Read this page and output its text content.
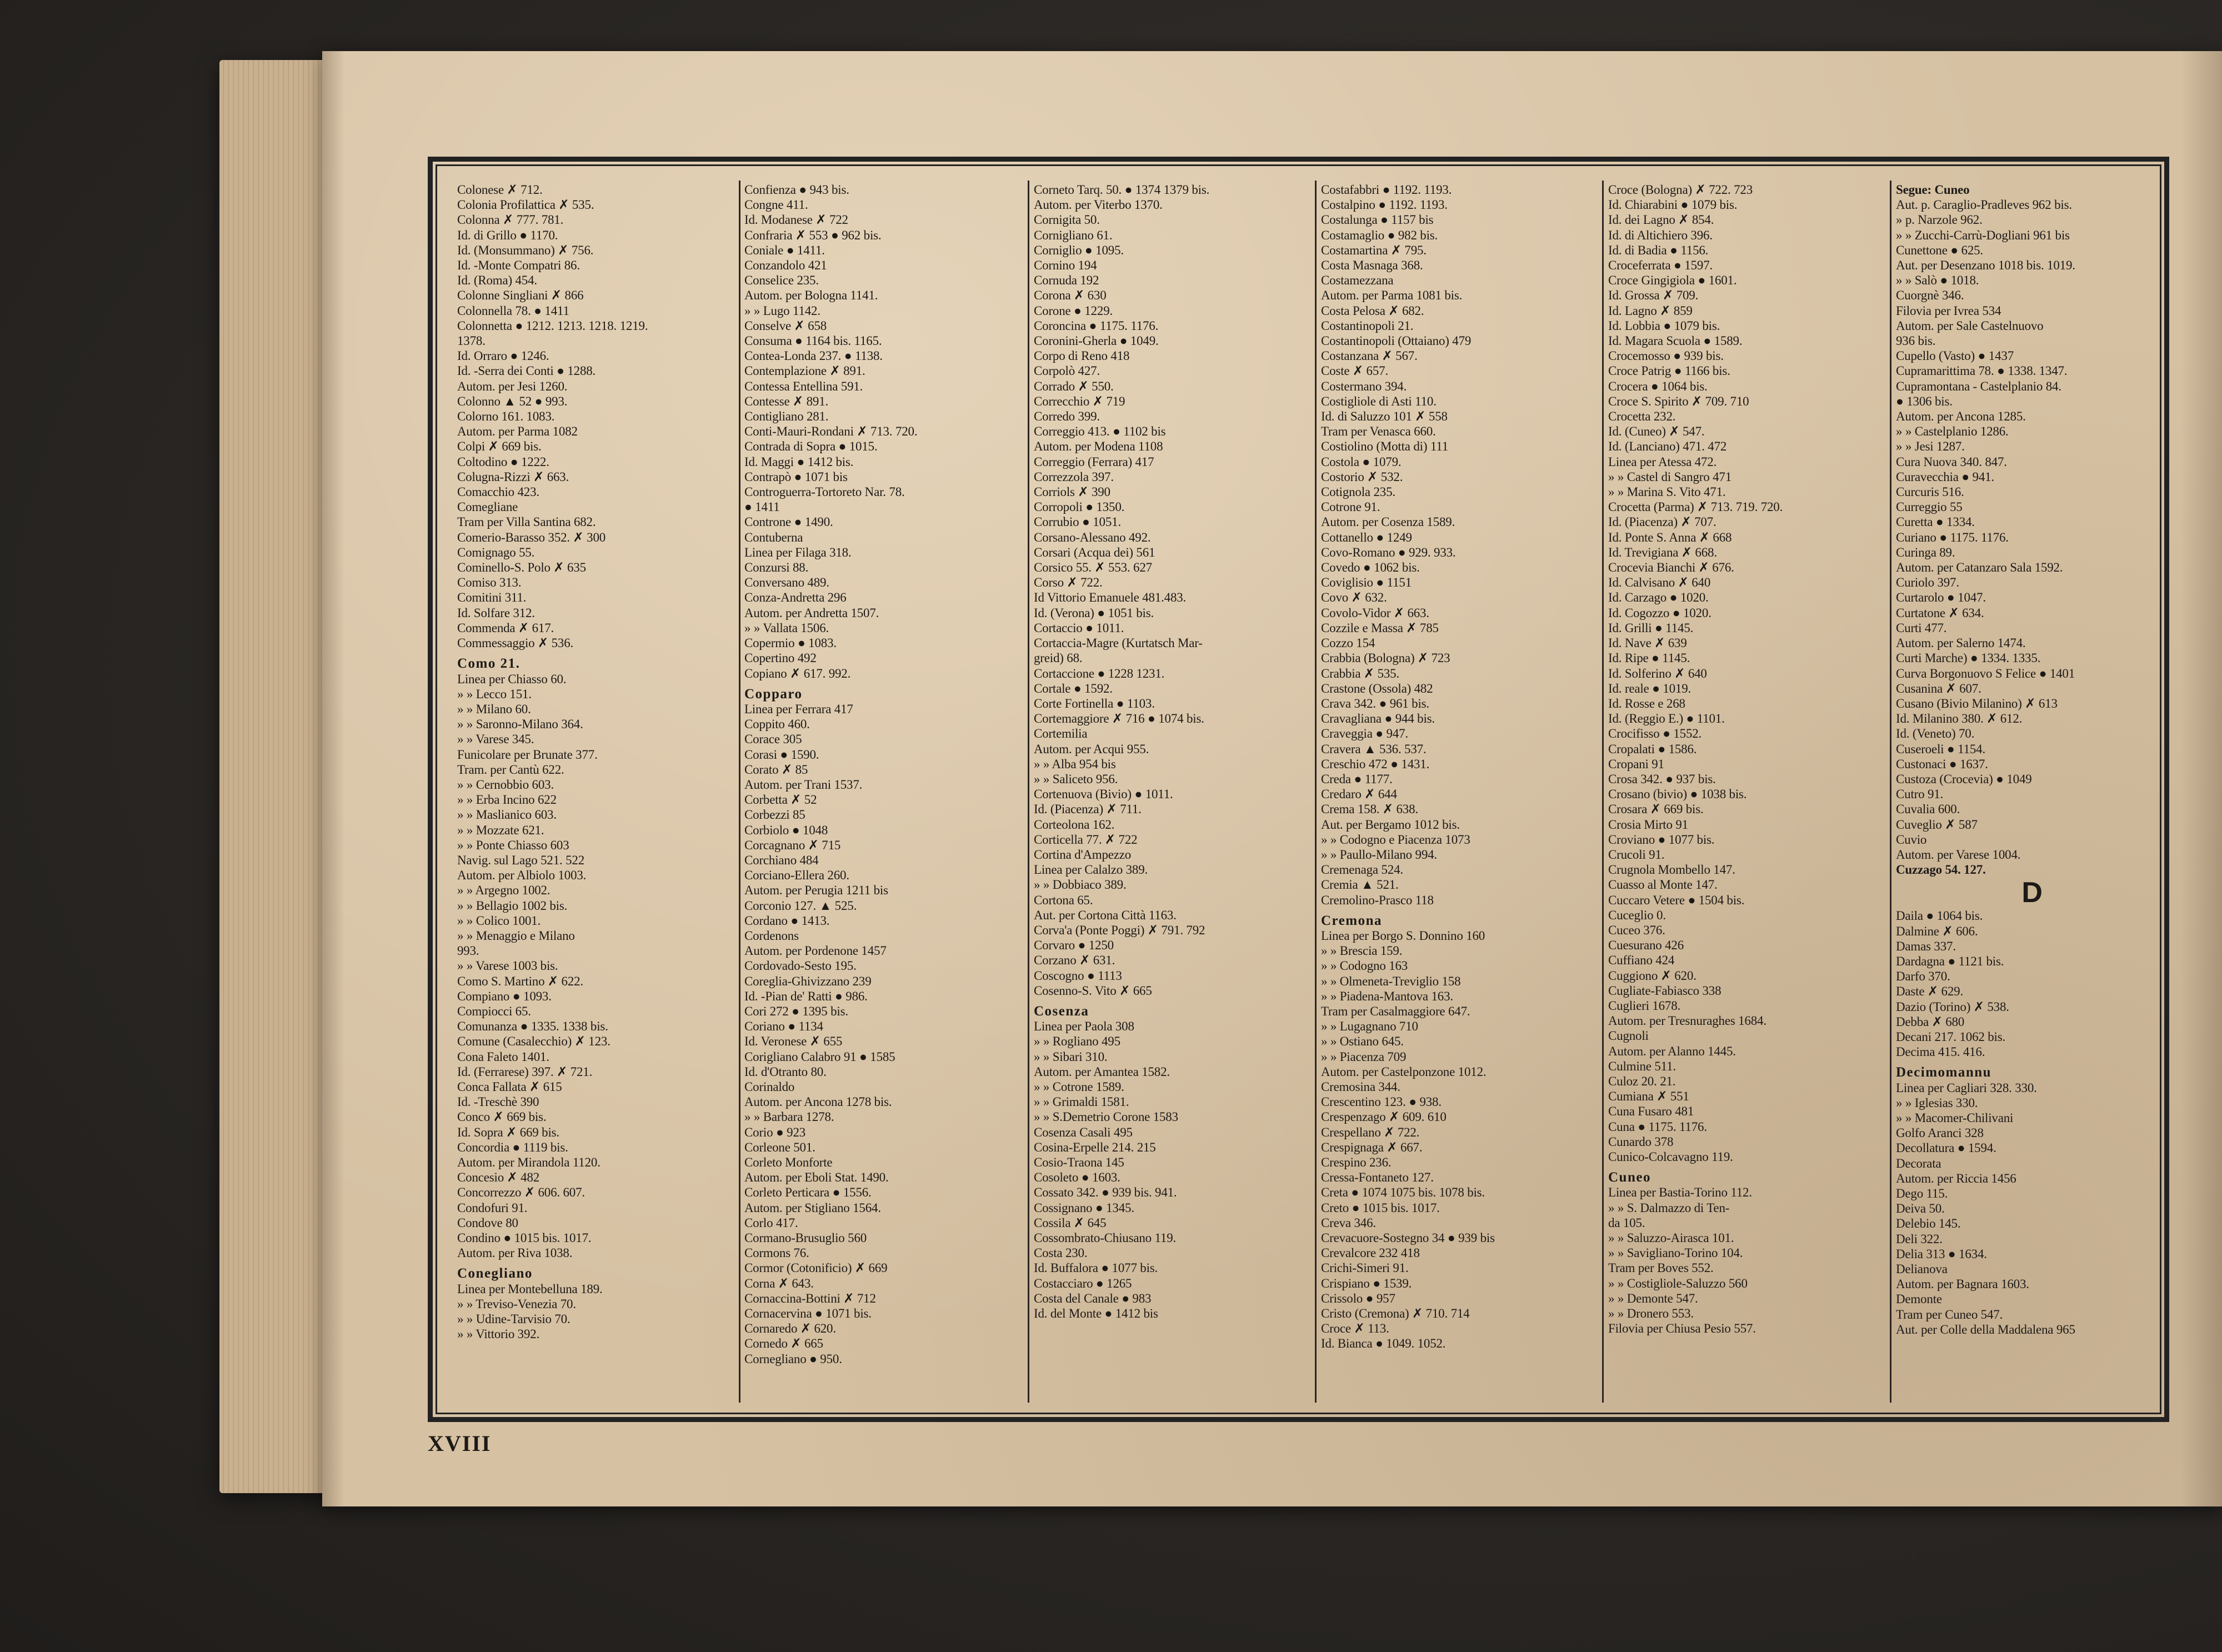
Colonese ✗ 712.
Colonia Profilattica ✗ 535.
Colonna ✗ 777. 781.
Id. di Grillo ● 1170.
Id. (Monsummano) ✗ 756.
Id. -Monte Compatri 86.
Id. (Roma) 454.
Colonne Singliani ✗ 866
Colonnella 78. ● 1411
Colonnetta ● 1212. 1213. 1218. 1219.
1378.
Id. Orraro ● 1246.
Id. -Serra dei Conti ● 1288.
Autom. per Jesi 1260.
Colonno ▲ 52 ● 993.
Colorno 161. 1083.
Autom. per Parma 1082
Colpi ✗ 669 bis.
Coltodino ● 1222.
Colugna-Rizzi ✗ 663.
Comacchio 423.
Comegliane
Tram per Villa Santina 682.
Comerio-Barasso 352. ✗ 300
Comignago 55.
Cominello-S. Polo ✗ 635
Comiso 313.
Comitini 311.
Id. Solfare 312.
Commenda ✗ 617.
Commessaggio ✗ 536.
Como 21.
Linea per Chiasso 60.
» » Lecco 151.
» » Milano 60.
» » Saronno-Milano 364.
» » Varese 345.
Funicolare per Brunate 377.
Tram. per Cantù 622.
» » Cernobbio 603.
» » Erba Incino 622
» » Maslianico 603.
» » Mozzate 621.
» » Ponte Chiasso 603
Navig. sul Lago 521. 522
Autom. per Albiolo 1003.
» » Argegno 1002.
» » Bellagio 1002 bis.
» » Colico 1001.
» » Menaggio e Milano
993.
» » Varese 1003 bis.
Como S. Martino ✗ 622.
Compiano ● 1093.
Compiocci 65.
Comunanza ● 1335. 1338 bis.
Comune (Casalecchio) ✗ 123.
Cona Faleto 1401.
Id. (Ferrarese) 397. ✗ 721.
Conca Fallata ✗ 615
Id. -Treschè 390
Conco ✗ 669 bis.
Id. Sopra ✗ 669 bis.
Concordia ● 1119 bis.
Autom. per Mirandola 1120.
Concesio ✗ 482
Concorrezzo ✗ 606. 607.
Condofuri 91.
Condove 80
Condino ● 1015 bis. 1017.
Autom. per Riva 1038.
Conegliano
Linea per Montebelluna 189.
» » Treviso-Venezia 70.
» » Udine-Tarvisio 70.
» » Vittorio 392.
Confienza ● 943 bis.
Congne 411.
Id. Modanese ✗ 722
Confraria ✗ 553 ● 962 bis.
Coniale ● 1411.
Conzandolo 421
Conselice 235.
Autom. per Bologna 1141.
» » Lugo 1142.
Conselve ✗ 658
Consuma ● 1164 bis. 1165.
Contea-Londa 237. ● 1138.
Contemplazione ✗ 891.
Contessa Entellina 591.
Contesse ✗ 891.
Contigliano 281.
Conti-Mauri-Rondani ✗ 713. 720.
Contrada di Sopra ● 1015.
Id. Maggi ● 1412 bis.
Contrapò ● 1071 bis
Controguerra-Tortoreto Nar. 78.
● 1411
Controne ● 1490.
Contuberna
Linea per Filaga 318.
Conzursi 88.
Conversano 489.
Conza-Andretta 296
Autom. per Andretta 1507.
» » Vallata 1506.
Copermio ● 1083.
Copertino 492
Copiano ✗ 617. 992.
Copparo
Linea per Ferrara 417
Coppito 460.
Corace 305
Corasi ● 1590.
Corato ✗ 85
Autom. per Trani 1537.
Corbetta ✗ 52
Corbezzi 85
Corbiolo ● 1048
Corcagnano ✗ 715
Corchiano 484
Corciano-Ellera 260.
Autom. per Perugia 1211 bis
Corconio 127. ▲ 525.
Cordano ● 1413.
Cordenons
Autom. per Pordenone 1457
Cordovado-Sesto 195.
Coreglia-Ghivizzano 239
Id. -Pian de' Ratti ● 986.
Cori 272 ● 1395 bis.
Coriano ● 1134
Id. Veronese ✗ 655
Corigliano Calabro 91 ● 1585
Id. d'Otranto 80.
Corinaldo
Autom. per Ancona 1278 bis.
» » Barbara 1278.
Corio ● 923
Corleone 501.
Corleto Monforte
Autom. per Eboli Stat. 1490.
Corleto Perticara ● 1556.
Autom. per Stigliano 1564.
Corlo 417.
Cormano-Brusuglio 560
Cormons 76.
Cormor (Cotonificio) ✗ 669
Corna ✗ 643.
Cornaccina-Bottini ✗ 712
Cornacervina ● 1071 bis.
Cornaredo ✗ 620.
Cornedo ✗ 665
Cornegliano ● 950.
Corneto Tarq. 50. ● 1374 1379 bis.
Autom. per Viterbo 1370.
Cornigita 50.
Cornigliano 61.
Corniglio ● 1095.
Cornino 194
Cornuda 192
Corona ✗ 630
Corone ● 1229.
Coroncina ● 1175. 1176.
Coronini-Gherla ● 1049.
Corpo di Reno 418
Corpolò 427.
Corrado ✗ 550.
Correcchio ✗ 719
Corredo 399.
Correggio 413. ● 1102 bis
Autom. per Modena 1108
Correggio (Ferrara) 417
Correzzola 397.
Corriols ✗ 390
Corropoli ● 1350.
Corrubio ● 1051.
Corsano-Alessano 492.
Corsari (Acqua dei) 561
Corsico 55. ✗ 553. 627
Corso ✗ 722.
Id Vittorio Emanuele 481.483.
Id. (Verona) ● 1051 bis.
Cortaccio ● 1011.
Cortaccia-Magre (Kurtatsch Mar-
greid) 68.
Cortaccione ● 1228 1231.
Cortale ● 1592.
Corte Fortinella ● 1103.
Cortemaggiore ✗ 716 ● 1074 bis.
Cortemilia
Autom. per Acqui 955.
» » Alba 954 bis
» » Saliceto 956.
Cortenuova (Bivio) ● 1011.
Id. (Piacenza) ✗ 711.
Corteolona 162.
Corticella 77. ✗ 722
Cortina d'Ampezzo
Linea per Calalzo 389.
» » Dobbiaco 389.
Cortona 65.
Aut. per Cortona Città 1163.
Corva'a (Ponte Poggi) ✗ 791. 792
Corvaro ● 1250
Corzano ✗ 631.
Coscogno ● 1113
Cosenno-S. Vito ✗ 665
Cosenza
Linea per Paola 308
» » Rogliano 495
» » Sibari 310.
Autom. per Amantea 1582.
» » Cotrone 1589.
» » Grimaldi 1581.
» » S.Demetrio Corone 1583
Cosenza Casali 495
Cosina-Erpelle 214. 215
Cosio-Traona 145
Cosoleto ● 1603.
Cossato 342. ● 939 bis. 941.
Cossignano ● 1345.
Cossila ✗ 645
Cossombrato-Chiusano 119.
Costa 230.
Id. Buffalora ● 1077 bis.
Costacciaro ● 1265
Costa del Canale ● 983
Id. del Monte ● 1412 bis
Costafabbri ● 1192. 1193.
Costalpino ● 1192. 1193.
Costalunga ● 1157 bis
Costamaglio ● 982 bis.
Costamartina ✗ 795.
Costa Masnaga 368.
Costamezzana
Autom. per Parma 1081 bis.
Costa Pelosa ✗ 682.
Costantinopoli 21.
Costantinopoli (Ottaiano) 479
Costanzana ✗ 567.
Coste ✗ 657.
Costermano 394.
Costigliole di Asti 110.
Id. di Saluzzo 101 ✗ 558
Tram per Venasca 660.
Costiolino (Motta di) 111
Costola ● 1079.
Costorio ✗ 532.
Cotignola 235.
Cotrone 91.
Autom. per Cosenza 1589.
Cottanello ● 1249
Covo-Romano ● 929. 933.
Covedo ● 1062 bis.
Coviglisio ● 1151
Covo ✗ 632.
Covolo-Vidor ✗ 663.
Cozzile e Massa ✗ 785
Cozzo 154
Crabbia (Bologna) ✗ 723
Crabbia ✗ 535.
Crastone (Ossola) 482
Crava 342. ● 961 bis.
Cravagliana ● 944 bis.
Craveggia ● 947.
Cravera ▲ 536. 537.
Creschio 472 ● 1431.
Creda ● 1177.
Credaro ✗ 644
Crema 158. ✗ 638.
Aut. per Bergamo 1012 bis.
» » Codogno e Piacenza 1073
» » Paullo-Milano 994.
Cremenaga 524.
Cremia ▲ 521.
Cremolino-Prasco 118
Cremona
Linea per Borgo S. Donnino 160
» » Brescia 159.
» » Codogno 163
» » Olmeneta-Treviglio 158
» » Piadena-Mantova 163.
Tram per Casalmaggiore 647.
» » Lugagnano 710
» » Ostiano 645.
» » Piacenza 709
Autom. per Castelponzone 1012.
Cremosina 344.
Crescentino 123. ● 938.
Crespenzago ✗ 609. 610
Crespellano ✗ 722.
Crespignaga ✗ 667.
Crespino 236.
Cressa-Fontaneto 127.
Creta ● 1074 1075 bis. 1078 bis.
Creto ● 1015 bis. 1017.
Creva 346.
Crevacuore-Sostegno 34 ● 939 bis
Crevalcore 232 418
Crichi-Simeri 91.
Crispiano ● 1539.
Crissolo ● 957
Cristo (Cremona) ✗ 710. 714
Croce ✗ 113.
Id. Bianca ● 1049. 1052.
Croce (Bologna) ✗ 722. 723
Id. Chiarabini ● 1079 bis.
Id. dei Lagno ✗ 854.
Id. di Altichiero 396.
Id. di Badia ● 1156.
Croceferrata ● 1597.
Croce Gingigiola ● 1601.
Id. Grossa ✗ 709.
Id. Lagno ✗ 859
Id. Lobbia ● 1079 bis.
Id. Magara Scuola ● 1589.
Crocemosso ● 939 bis.
Croce Patrig ● 1166 bis.
Crocera ● 1064 bis.
Croce S. Spirito ✗ 709. 710
Crocetta 232.
Id. (Cuneo) ✗ 547.
Id. (Lanciano) 471. 472
Linea per Atessa 472.
» » Castel di Sangro 471
» » Marina S. Vito 471.
Crocetta (Parma) ✗ 713. 719. 720.
Id. (Piacenza) ✗ 707.
Id. Ponte S. Anna ✗ 668
Id. Trevigiana ✗ 668.
Crocevia Bianchi ✗ 676.
Id. Calvisano ✗ 640
Id. Carzago ● 1020.
Id. Cogozzo ● 1020.
Id. Grilli ● 1145.
Id. Nave ✗ 639
Id. Ripe ● 1145.
Id. Solferino ✗ 640
Id. reale ● 1019.
Id. Rosse e 268
Id. (Reggio E.) ● 1101.
Crocifisso ● 1552.
Cropalati ● 1586.
Cropani 91
Crosa 342. ● 937 bis.
Crosano (bivio) ● 1038 bis.
Crosara ✗ 669 bis.
Crosia Mirto 91
Croviano ● 1077 bis.
Crucoli 91.
Crugnola Mombello 147.
Cuasso al Monte 147.
Cuccaro Vetere ● 1504 bis.
Cuceglio 0.
Cuceo 376.
Cuesurano 426
Cuffiano 424
Cuggiono ✗ 620.
Cugliate-Fabiasco 338
Cuglieri 1678.
Autom. per Tresnuraghes 1684.
Cugnoli
Autom. per Alanno 1445.
Culmine 511.
Culoz 20. 21.
Cumiana ✗ 551
Cuna Fusaro 481
Cuna ● 1175. 1176.
Cunardo 378
Cunico-Colcavagno 119.
Cuneo
Linea per Bastia-Torino 112.
» » S. Dalmazzo di Ten-
da 105.
» » Saluzzo-Airasca 101.
» » Savigliano-Torino 104.
Tram per Boves 552.
» » Costigliole-Saluzzo 560
» » Demonte 547.
» » Dronero 553.
Filovia per Chiusa Pesio 557.
Segue: Cuneo
Aut. p. Caraglio-Pradleves 962 bis.
» p. Narzole 962.
» » Zucchi-Carrù-Dogliani 961 bis
Cunettone ● 625.
Aut. per Desenzano 1018 bis. 1019.
» » Salò ● 1018.
Cuorgnè 346.
Filovia per Ivrea 534
Autom. per Sale Castelnuovo
936 bis.
Cupello (Vasto) ● 1437
Cupramarittima 78. ● 1338. 1347.
Cupramontana - Castelplanio 84.
● 1306 bis.
Autom. per Ancona 1285.
» » Castelplanio 1286.
» » Jesi 1287.
Cura Nuova 340. 847.
Curavecchia ● 941.
Curcuris 516.
Curreggio 55
Curetta ● 1334.
Curiano ● 1175. 1176.
Curinga 89.
Autom. per Catanzaro Sala 1592.
Curiolo 397.
Curtarolo ● 1047.
Curtatone ✗ 634.
Curti 477.
Autom. per Salerno 1474.
Curti Marche) ● 1334. 1335.
Curva Borgonuovo S Felice ● 1401
Cusanina ✗ 607.
Cusano (Bivio Milanino) ✗ 613
Id. Milanino 380. ✗ 612.
Id. (Veneto) 70.
Cuseroeli ● 1154.
Custonaci ● 1637.
Custoza (Crocevia) ● 1049
Cutro 91.
Cuvalia 600.
Cuveglio ✗ 587
Cuvio
Autom. per Varese 1004.
Cuzzago 54. 127.
D
Daila ● 1064 bis.
Dalmine ✗ 606.
Damas 337.
Dardagna ● 1121 bis.
Darfo 370.
Daste ✗ 629.
Dazio (Torino) ✗ 538.
Debba ✗ 680
Decani 217. 1062 bis.
Decima 415. 416.
Decimomannu
Linea per Cagliari 328. 330.
» » Iglesias 330.
» » Macomer-Chilivani
Golfo Aranci 328
Decollatura ● 1594.
Decorata
Autom. per Riccia 1456
Dego 115.
Deiva 50.
Delebio 145.
Deli 322.
Delia 313 ● 1634.
Delianova
Autom. per Bagnara 1603.
Demonte
Tram per Cuneo 547.
Aut. per Colle della Maddalena 965
XVIII
